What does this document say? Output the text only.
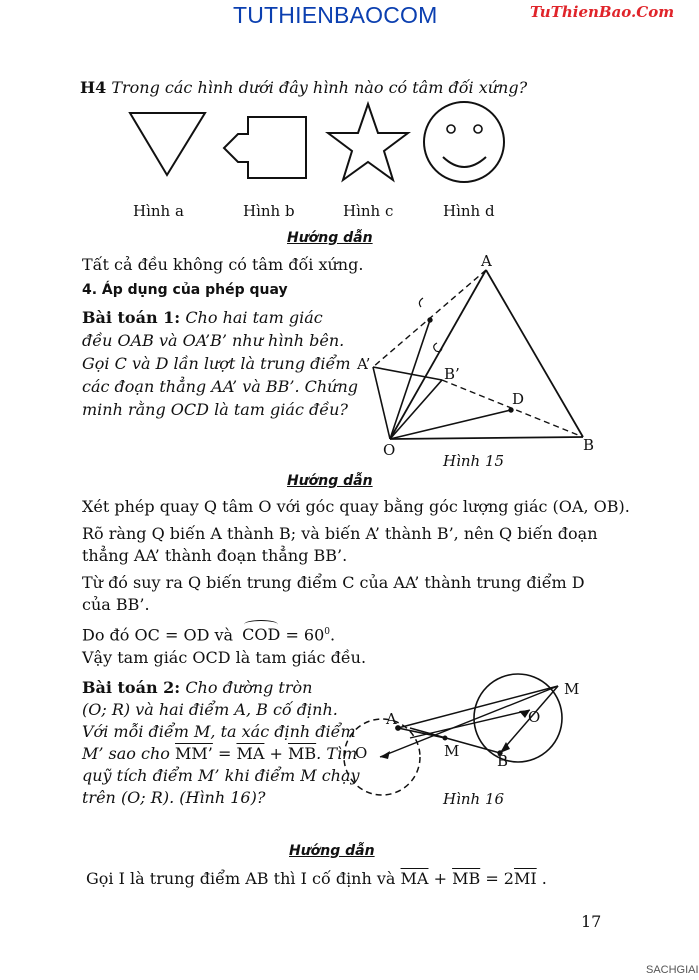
TUTHIENBAOCOM	TuThienBao.Com
H4 Trong các hình dưới đây hình nào có tâm đối xứng?
Hình a	Hình b	Hình c	Hình d
Hướng dẫn
Tất cả đều không có tâm đối xứng.
4. Áp dụng của phép quay
Bài toán 1: Cho hai tam giác
đều OAB và OA’B’ như hình bên.
Gọi C và D lần lượt là trung điểm
các đoạn thẳng AA’ và BB’. Chứng
minh rằng OCD là tam giác đều?
A
A’
B’
D
O	B
Hình 15
Hướng dẫn
Xét phép quay Q tâm O với góc quay bằng góc lượng giác (OA, OB).
Rõ ràng Q biến A thành B; và biến A’ thành B’, nên Q biến đoạn
thẳng AA’ thành đoạn thẳng BB’.
Từ đó suy ra Q biến trung điểm C của AA’ thành trung điểm D
của BB’.
Do đó OC = OD và COD = $60^0$.
Vậy tam giác OCD là tam giác đều.
Bài toán 2: Cho đường tròn
(O; R) và hai điểm A, B cố định.
Với mỗi điểm M, ta xác định điểm
M’ sao cho MM’ = $\overline{MA} + \overline{MB}$. Tìm
quỹ tích điểm M’ khi điểm M chạy
trên (O; R). (Hình 16)?
M
A	O
O	M
B
Hình 16
Hướng dẫn
Gọi I là trung điểm AB thì I cố định và $\overline{MA} + \overline{MB} = 2\overline{MI}$ .
17
SACHGIAI
